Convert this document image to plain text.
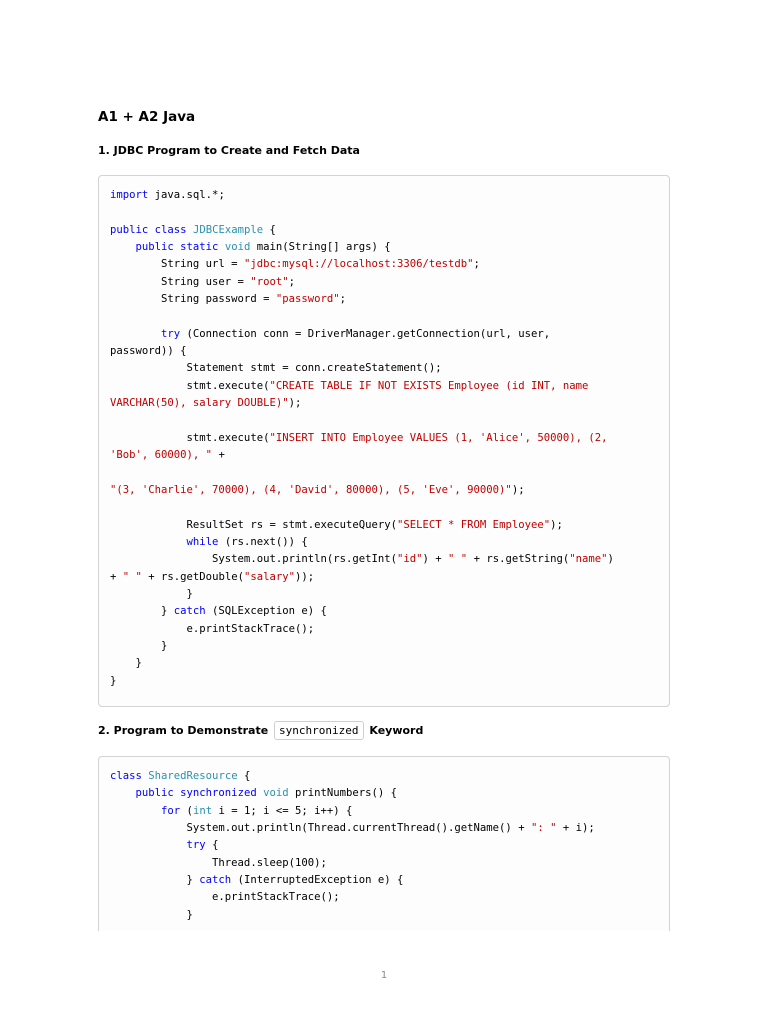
A1 + A2 Java
1. JDBC Program to Create and Fetch Data
import java.sql.*;

public class JDBCExample {
public static void main(String[] args) {
String url = "jdbc:mysql://localhost:3306/testdb";
String user = "root";
String password = "password";

try (Connection conn = DriverManager.getConnection(url, user,
password)) {
Statement stmt = conn.createStatement();
stmt.execute("CREATE TABLE IF NOT EXISTS Employee (id INT, name
VARCHAR(50), salary DOUBLE)");

stmt.execute("INSERT INTO Employee VALUES (1, 'Alice', 50000), (2,
'Bob', 60000), " +

"(3, 'Charlie', 70000), (4, 'David', 80000), (5, 'Eve', 90000)");

ResultSet rs = stmt.executeQuery("SELECT * FROM Employee");
while (rs.next()) {
System.out.println(rs.getInt("id") + " " + rs.getString("name")
+ " " + rs.getDouble("salary"));
}
} catch (SQLException e) {
e.printStackTrace();
}
}
}
2. Program to Demonstrate synchronized Keyword
class SharedResource {
public synchronized void printNumbers() {
for (int i = 1; i <= 5; i++) {
System.out.println(Thread.currentThread().getName() + ": " + i);
try {
Thread.sleep(100);
} catch (InterruptedException e) {
e.printStackTrace();
}
1
